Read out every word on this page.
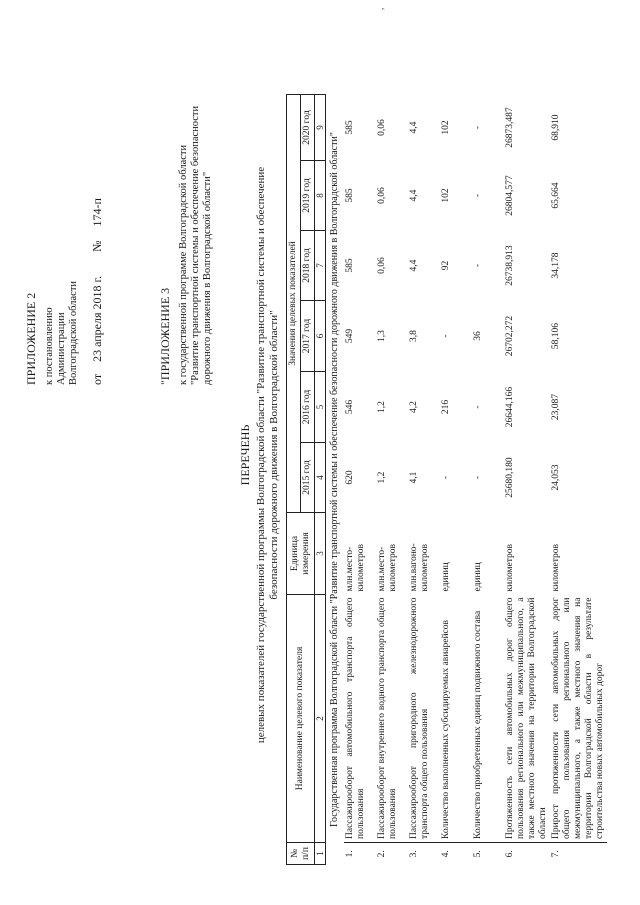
ПРИЛОЖЕНИЕ 2 к постановлению Администрации Волгоградской области от  23 апреля 2018 г.  №  174-п
"ПРИЛОЖЕНИЕ 3 к государственной программе Волгоградской области "Развитие транспортной системы и обеспечение безопасности дорожного движения в Волгоградской области"
ПЕРЕЧЕНЬ целевых показателей государственной программы Волгоградской области "Развитие транспортной системы и обеспечение безопасности дорожного движения в Волгоградской области"
№ п/п	Наименование целевого показателя	Единица измерения	Значения целевых показателей					
			2015 год	2016 год	2017 год	2018 год	2019 год	2020 год
1	2	3	4	5	6	7	8	9
Государственная программа Волгоградской области "Развитие транспортной системы и обеспечение безопасности дорожного движения в Волгоградской области"								
1.	Пассажирооборот автомобильного транспорта общего пользования	млн.место-километров	620	546	549	585	585	585
2.	Пассажирооборот внутреннего водного транспорта общего пользования	млн.место-километров	1,2	1,2	1,3	0,06	0,06	0,06
3.	Пассажирооборот пригородного железнодорожного транспорта общего пользования	млн.вагоно-километров	4,1	4,2	3,8	4,4	4,4	4,4
4.	Количество выполненных субсидируемых авиарейсов	единиц	-	216	-	92	102	102
5.	Количество приобретенных единиц подвижного состава	единиц	-	-	36	-	-	-
6.	Протяженность сети автомобильных дорог общего пользования регионального или межмуниципального, а также местного значения на территории Волгоградской области	километров	25680,180	26644,166	26702,272	26738,913	26804,577	26873,487
7.	Прирост протяженности сети автомобильных дорог общего пользования регионального или межмуниципального, а также местного значения на территории Волгоградской области в результате строительства новых автомобильных дорог	километров	24,053	23,087	58,106	34,178	65,664	68,910
,
